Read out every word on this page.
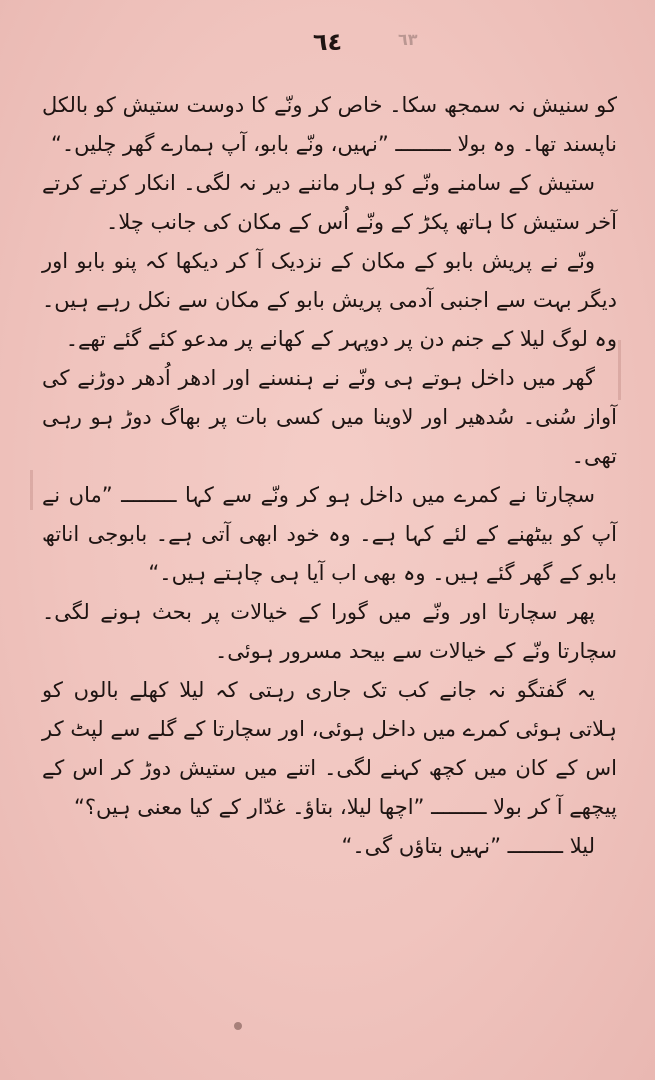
٦٤	٦٣

کو سنیش نہ سمجھ سکا۔ خاص کر ونّے کا دوست ستیش کو بالکل ناپسند تھا۔ وہ بولا ـــــــــ ”نہیں، ونّے بابو، آپ ہمارے گھر چلیں۔“

ستیش کے سامنے ونّے کو ہار ماننے دیر نہ لگی۔ انکار کرتے کرتے آخر ستیش کا ہاتھ پکڑ کے ونّے اُس کے مکان کی جانب چلا۔

ونّے نے پریش بابو کے مکان کے نزدیک آ کر دیکھا کہ پنو بابو اور دیگر بہت سے اجنبی آدمی پریش بابو کے مکان سے نکل رہے ہیں۔ وہ لوگ لیلا کے جنم دن پر دوپہر کے کھانے پر مدعو کئے گئے تھے۔

گھر میں داخل ہوتے ہی ونّے نے ہنسنے اور ادھر اُدھر دوڑنے کی آواز سُنی۔ سُدھیر اور لاوینا میں کسی بات پر بھاگ دوڑ ہو رہی تھی۔

سچارتا نے کمرے میں داخل ہو کر ونّے سے کہا ـــــــــ ”ماں نے آپ کو بیٹھنے کے لئے کہا ہے۔ وہ خود ابھی آتی ہے۔ بابوجی اناتھ بابو کے گھر گئے ہیں۔ وہ بھی اب آیا ہی چاہتے ہیں۔“

پھر سچارتا اور ونّے میں گورا کے خیالات پر بحث ہونے لگی۔ سچارتا ونّے کے خیالات سے بیحد مسرور ہوئی۔

یہ گفتگو نہ جانے کب تک جاری رہتی کہ لیلا کھلے بالوں کو ہلاتی ہوئی کمرے میں داخل ہوئی، اور سچارتا کے گلے سے لپٹ کر اس کے کان میں کچھ کہنے لگی۔ اتنے میں ستیش دوڑ کر اس کے پیچھے آ کر بولا ـــــــــ ”اچھا لیلا، بتاؤ۔ غدّار کے کیا معنی ہیں؟“

لیلا ـــــــــ ”نہیں بتاؤں گی۔“
